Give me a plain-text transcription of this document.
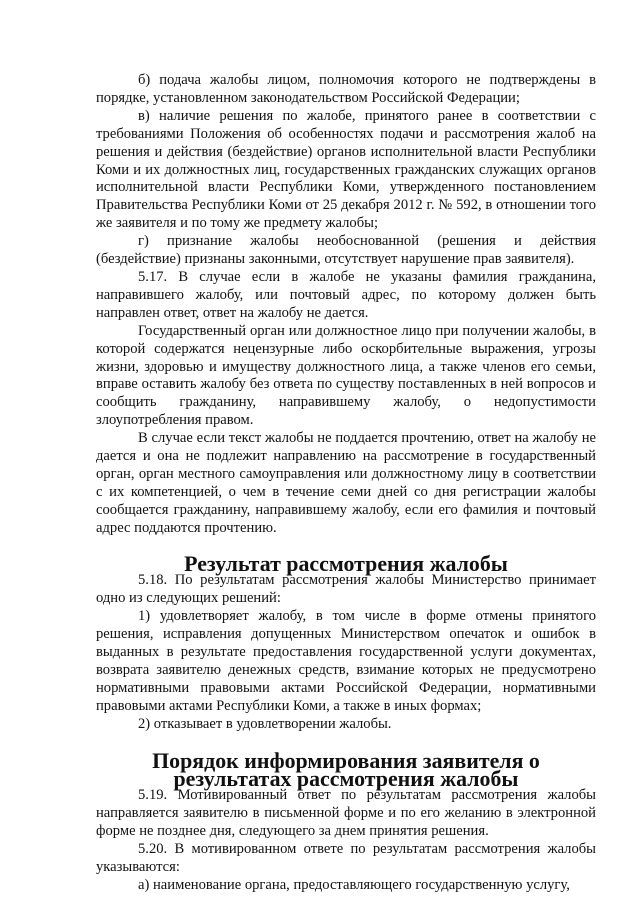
б) подача жалобы лицом, полномочия которого не подтверждены в порядке, установленном законодательством Российской Федерации;

в) наличие решения по жалобе, принятого ранее в соответствии с требованиями Положения об особенностях подачи и рассмотрения жалоб на решения и действия (бездействие) органов исполнительной власти Республики Коми и их должностных лиц, государственных гражданских служащих органов исполнительной власти Республики Коми, утвержденного постановлением Правительства Республики Коми от 25 декабря 2012 г. № 592, в отношении того же заявителя и по тому же предмету жалобы;

г) признание жалобы необоснованной (решения и действия (бездействие) признаны законными, отсутствует нарушение прав заявителя).

5.17. В случае если в жалобе не указаны фамилия гражданина, направившего жалобу, или почтовый адрес, по которому должен быть направлен ответ, ответ на жалобу не дается.

Государственный орган или должностное лицо при получении жалобы, в которой содержатся нецензурные либо оскорбительные выражения, угрозы жизни, здоровью и имуществу должностного лица, а также членов его семьи, вправе оставить жалобу без ответа по существу поставленных в ней вопросов и сообщить гражданину, направившему жалобу, о недопустимости злоупотребления правом.

В случае если текст жалобы не поддается прочтению, ответ на жалобу не дается и она не подлежит направлению на рассмотрение в государственный орган, орган местного самоуправления или должностному лицу в соответствии с их компетенцией, о чем в течение семи дней со дня регистрации жалобы сообщается гражданину, направившему жалобу, если его фамилия и почтовый адрес поддаются прочтению.

Результат рассмотрения жалобы

5.18. По результатам рассмотрения жалобы Министерство принимает одно из следующих решений:

1) удовлетворяет жалобу, в том числе в форме отмены принятого решения, исправления допущенных Министерством опечаток и ошибок в выданных в результате предоставления государственной услуги документах, возврата заявителю денежных средств, взимание которых не предусмотрено нормативными правовыми актами Российской Федерации, нормативными правовыми актами Республики Коми, а также в иных формах;

2) отказывает в удовлетворении жалобы.

Порядок информирования заявителя о результатах рассмотрения жалобы

5.19. Мотивированный ответ по результатам рассмотрения жалобы направляется заявителю в письменной форме и по его желанию в электронной форме не позднее дня, следующего за днем принятия решения.

5.20. В мотивированном ответе по результатам рассмотрения жалобы указываются:

а) наименование органа, предоставляющего государственную услугу,
